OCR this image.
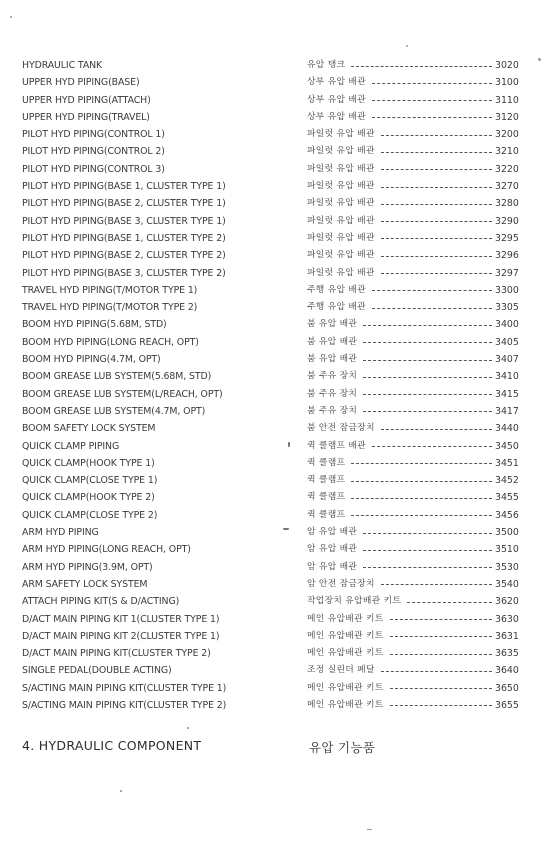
HYDRAULIC TANK	유압 탱크	3020
UPPER HYD PIPING(BASE)	상부 유압 배관	3100
UPPER HYD PIPING(ATTACH)	상부 유압 배관	3110
UPPER HYD PIPING(TRAVEL)	상부 유압 배관	3120
PILOT HYD PIPING(CONTROL 1)	파일럿 유압 배관	3200
PILOT HYD PIPING(CONTROL 2)	파일럿 유압 배관	3210
PILOT HYD PIPING(CONTROL 3)	파일럿 유압 배관	3220
PILOT HYD PIPING(BASE 1, CLUSTER TYPE 1)	파일럿 유압 배관	3270
PILOT HYD PIPING(BASE 2, CLUSTER TYPE 1)	파일럿 유압 배관	3280
PILOT HYD PIPING(BASE 3, CLUSTER TYPE 1)	파일럿 유압 배관	3290
PILOT HYD PIPING(BASE 1, CLUSTER TYPE 2)	파일럿 유압 배관	3295
PILOT HYD PIPING(BASE 2, CLUSTER TYPE 2)	파일럿 유압 배관	3296
PILOT HYD PIPING(BASE 3, CLUSTER TYPE 2)	파일럿 유압 배관	3297
TRAVEL HYD PIPING(T/MOTOR TYPE 1)	주행 유압 배관	3300
TRAVEL HYD PIPING(T/MOTOR TYPE 2)	주행 유압 배관	3305
BOOM HYD PIPING(5.68M, STD)	붐 유압 배관	3400
BOOM HYD PIPING(LONG REACH, OPT)	붐 유압 배관	3405
BOOM HYD PIPING(4.7M, OPT)	붐 유압 배관	3407
BOOM GREASE LUB SYSTEM(5.68M, STD)	붐 주유 장치	3410
BOOM GREASE LUB SYSTEM(L/REACH, OPT)	붐 주유 장치	3415
BOOM GREASE LUB SYSTEM(4.7M, OPT)	붐 주유 장치	3417
BOOM SAFETY LOCK SYSTEM	붐 안전 잠금장치	3440
QUICK CLAMP PIPING	퀵 클램프 배관	3450
QUICK CLAMP(HOOK TYPE 1)	퀵 클램프	3451
QUICK CLAMP(CLOSE TYPE 1)	퀵 클램프	3452
QUICK CLAMP(HOOK TYPE 2)	퀵 클램프	3455
QUICK CLAMP(CLOSE TYPE 2)	퀵 클램프	3456
ARM HYD PIPING	암 유압 배관	3500
ARM HYD PIPING(LONG REACH, OPT)	암 유압 배관	3510
ARM HYD PIPING(3.9M, OPT)	암 유압 배관	3530
ARM SAFETY LOCK SYSTEM	암 안전 잠금장치	3540
ATTACH PIPING KIT(S & D/ACTING)	작업장치 유압배관 키트	3620
D/ACT MAIN PIPING KIT 1(CLUSTER TYPE 1)	메인 유압배관 키트	3630
D/ACT MAIN PIPING KIT 2(CLUSTER TYPE 1)	메인 유압배관 키트	3631
D/ACT MAIN PIPING KIT(CLUSTER TYPE 2)	메인 유압배관 키트	3635
SINGLE PEDAL(DOUBLE ACTING)	조정 실린더 페달	3640
S/ACTING MAIN PIPING KIT(CLUSTER TYPE 1)	메인 유압배관 키트	3650
S/ACTING MAIN PIPING KIT(CLUSTER TYPE 2)	메인 유압배관 키트	3655
4. HYDRAULIC COMPONENT	유압 기능품
